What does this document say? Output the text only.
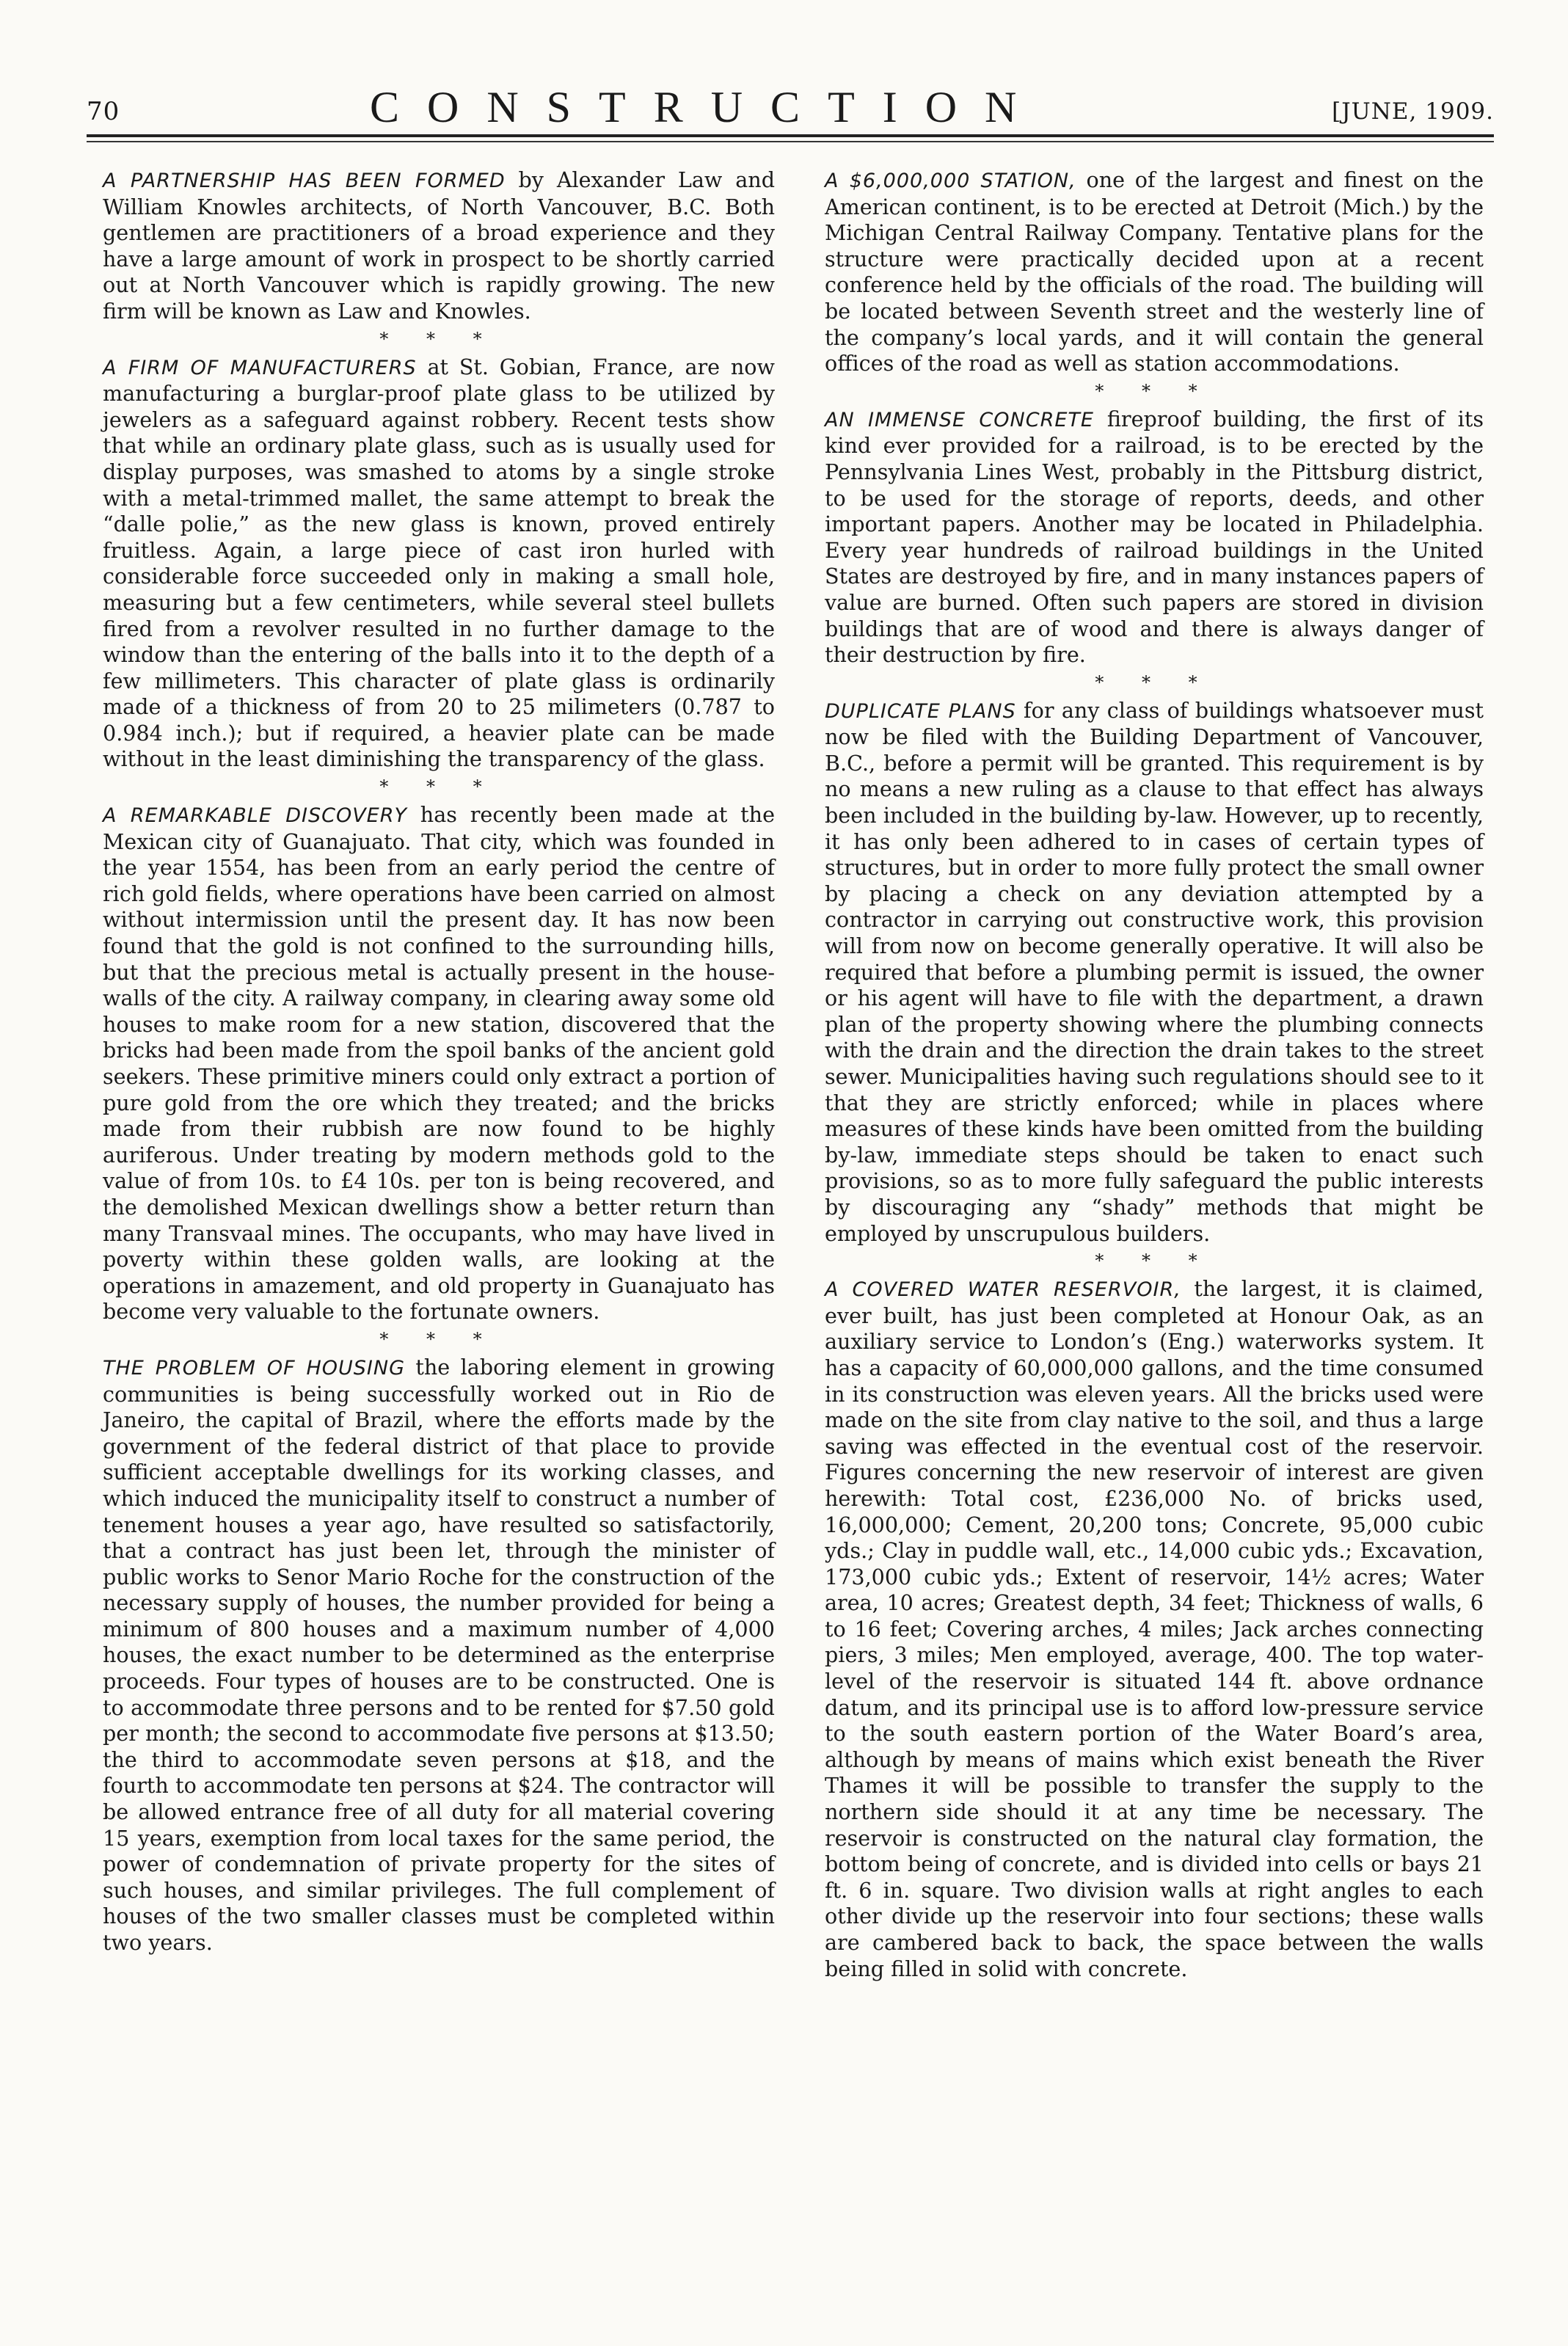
70	CONSTRUCTION	[JUNE, 1909.

A PARTNERSHIP HAS BEEN FORMED by Alexander Law and William Knowles architects, of North Vancouver, B.C. Both gentlemen are practitioners of a broad experience and they have a large amount of work in prospect to be shortly carried out at North Vancouver which is rapidly growing. The new firm will be known as Law and Knowles.

* * *

A FIRM OF MANUFACTURERS at St. Gobian, France, are now manufacturing a burglar-proof plate glass to be utilized by jewelers as a safeguard against robbery. Recent tests show that while an ordinary plate glass, such as is usually used for display purposes, was smashed to atoms by a single stroke with a metal-trimmed mallet, the same attempt to break the “dalle polie,” as the new glass is known, proved entirely fruitless. Again, a large piece of cast iron hurled with considerable force succeeded only in making a small hole, measuring but a few centimeters, while several steel bullets fired from a revolver resulted in no further damage to the window than the entering of the balls into it to the depth of a few millimeters. This character of plate glass is ordinarily made of a thickness of from 20 to 25 milimeters (0.787 to 0.984 inch.); but if required, a heavier plate can be made without in the least diminishing the transparency of the glass.

* * *

A REMARKABLE DISCOVERY has recently been made at the Mexican city of Guanajuato. That city, which was founded in the year 1554, has been from an early period the centre of rich gold fields, where operations have been carried on almost without intermission until the present day. It has now been found that the gold is not confined to the surrounding hills, but that the precious metal is actually present in the house-walls of the city. A railway company, in clearing away some old houses to make room for a new station, discovered that the bricks had been made from the spoil banks of the ancient gold seekers. These primitive miners could only extract a portion of pure gold from the ore which they treated; and the bricks made from their rubbish are now found to be highly auriferous. Under treating by modern methods gold to the value of from 10s. to £4 10s. per ton is being recovered, and the demolished Mexican dwellings show a better return than many Transvaal mines. The occupants, who may have lived in poverty within these golden walls, are looking at the operations in amazement, and old property in Guanajuato has become very valuable to the fortunate owners.

* * *

THE PROBLEM OF HOUSING the laboring element in growing communities is being successfully worked out in Rio de Janeiro, the capital of Brazil, where the efforts made by the government of the federal district of that place to provide sufficient acceptable dwellings for its working classes, and which induced the municipality itself to construct a number of tenement houses a year ago, have resulted so satisfactorily, that a contract has just been let, through the minister of public works to Senor Mario Roche for the construction of the necessary supply of houses, the number provided for being a minimum of 800 houses and a maximum number of 4,000 houses, the exact number to be determined as the enterprise proceeds. Four types of houses are to be constructed. One is to accommodate three persons and to be rented for $7.50 gold per month; the second to accommodate five persons at $13.50; the third to accommodate seven persons at $18, and the fourth to accommodate ten persons at $24. The contractor will be allowed entrance free of all duty for all material covering 15 years, exemption from local taxes for the same period, the power of condemnation of private property for the sites of such houses, and similar privileges. The full complement of houses of the two smaller classes must be completed within two years.

A $6,000,000 STATION, one of the largest and finest on the American continent, is to be erected at Detroit (Mich.) by the Michigan Central Railway Company. Tentative plans for the structure were practically decided upon at a recent conference held by the officials of the road. The building will be located between Seventh street and the westerly line of the company’s local yards, and it will contain the general offices of the road as well as station accommodations.

* * *

AN IMMENSE CONCRETE fireproof building, the first of its kind ever provided for a railroad, is to be erected by the Pennsylvania Lines West, probably in the Pittsburg district, to be used for the storage of reports, deeds, and other important papers. Another may be located in Philadelphia. Every year hundreds of railroad buildings in the United States are destroyed by fire, and in many instances papers of value are burned. Often such papers are stored in division buildings that are of wood and there is always danger of their destruction by fire.

* * *

DUPLICATE PLANS for any class of buildings whatsoever must now be filed with the Building Department of Vancouver, B.C., before a permit will be granted. This requirement is by no means a new ruling as a clause to that effect has always been included in the building by-law. However, up to recently, it has only been adhered to in cases of certain types of structures, but in order to more fully protect the small owner by placing a check on any deviation attempted by a contractor in carrying out constructive work, this provision will from now on become generally operative. It will also be required that before a plumbing permit is issued, the owner or his agent will have to file with the department, a drawn plan of the property showing where the plumbing connects with the drain and the direction the drain takes to the street sewer. Municipalities having such regulations should see to it that they are strictly enforced; while in places where measures of these kinds have been omitted from the building by-law, immediate steps should be taken to enact such provisions, so as to more fully safeguard the public interests by discouraging any “shady” methods that might be employed by unscrupulous builders.

* * *

A COVERED WATER RESERVOIR, the largest, it is claimed, ever built, has just been completed at Honour Oak, as an auxiliary service to London’s (Eng.) waterworks system. It has a capacity of 60,000,000 gallons, and the time consumed in its construction was eleven years. All the bricks used were made on the site from clay native to the soil, and thus a large saving was effected in the eventual cost of the reservoir. Figures concerning the new reservoir of interest are given herewith: Total cost, £236,000 No. of bricks used, 16,000,000; Cement, 20,200 tons; Concrete, 95,000 cubic yds.; Clay in puddle wall, etc., 14,000 cubic yds.; Excavation, 173,000 cubic yds.; Extent of reservoir, 14½ acres; Water area, 10 acres; Greatest depth, 34 feet; Thickness of walls, 6 to 16 feet; Covering arches, 4 miles; Jack arches connecting piers, 3 miles; Men employed, average, 400. The top water-level of the reservoir is situated 144 ft. above ordnance datum, and its principal use is to afford low-pressure service to the south eastern portion of the Water Board’s area, although by means of mains which exist beneath the River Thames it will be possible to transfer the supply to the northern side should it at any time be necessary. The reservoir is constructed on the natural clay formation, the bottom being of concrete, and is divided into cells or bays 21 ft. 6 in. square. Two division walls at right angles to each other divide up the reservoir into four sections; these walls are cambered back to back, the space between the walls being filled in solid with concrete.
